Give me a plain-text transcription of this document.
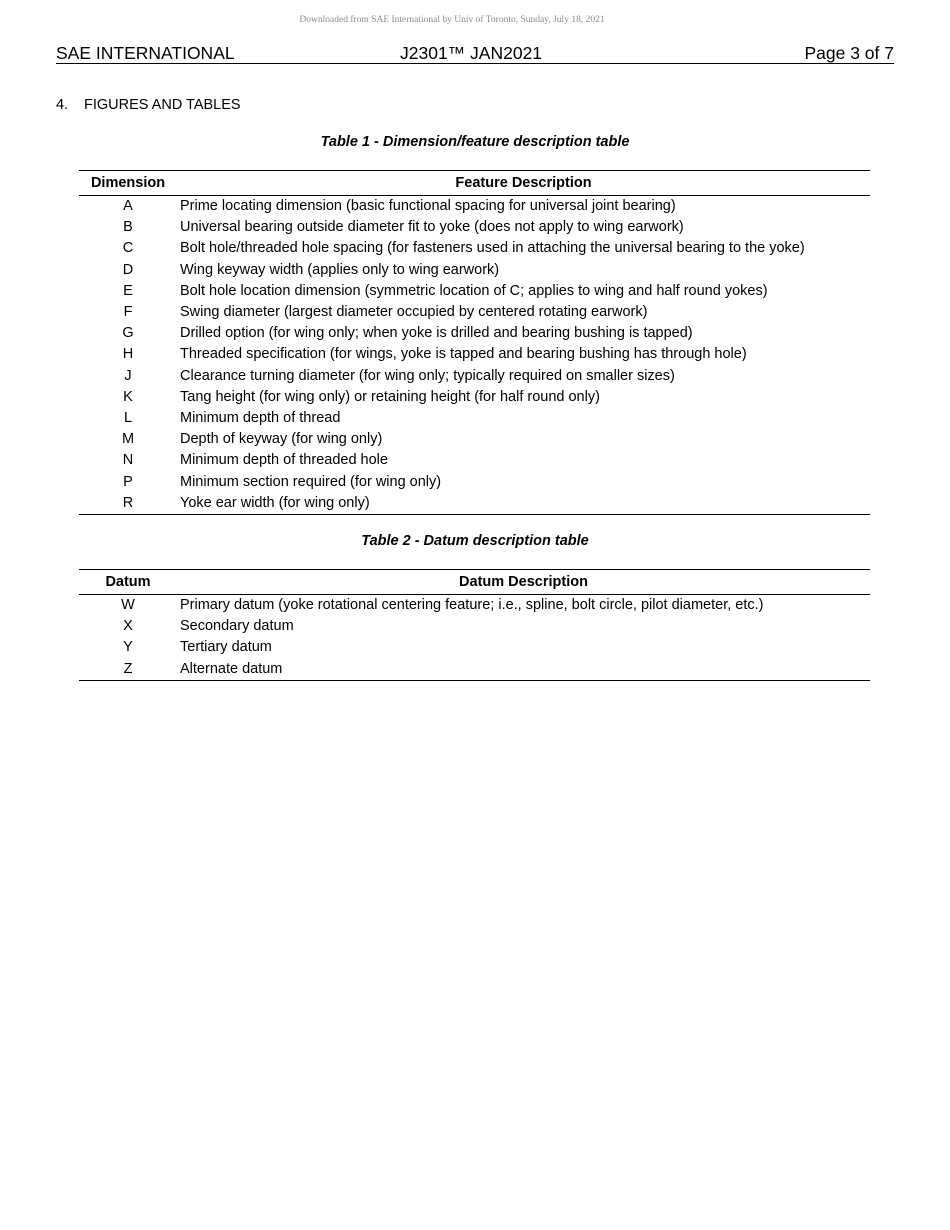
Downloaded from SAE International by Univ of Toronto, Sunday, July 18, 2021
SAE INTERNATIONAL	J2301™ JAN2021	Page 3 of 7
4. FIGURES AND TABLES
Table 1 - Dimension/feature description table
Dimension	Feature Description
A	Prime locating dimension (basic functional spacing for universal joint bearing)
B	Universal bearing outside diameter fit to yoke (does not apply to wing earwork)
C	Bolt hole/threaded hole spacing (for fasteners used in attaching the universal bearing to the yoke)
D	Wing keyway width (applies only to wing earwork)
E	Bolt hole location dimension (symmetric location of C; applies to wing and half round yokes)
F	Swing diameter (largest diameter occupied by centered rotating earwork)
G	Drilled option (for wing only; when yoke is drilled and bearing bushing is tapped)
H	Threaded specification (for wings, yoke is tapped and bearing bushing has through hole)
J	Clearance turning diameter (for wing only; typically required on smaller sizes)
K	Tang height (for wing only) or retaining height (for half round only)
L	Minimum depth of thread
M	Depth of keyway (for wing only)
N	Minimum depth of threaded hole
P	Minimum section required (for wing only)
R	Yoke ear width (for wing only)
Table 2 - Datum description table
Datum	Datum Description
W	Primary datum (yoke rotational centering feature; i.e., spline, bolt circle, pilot diameter, etc.)
X	Secondary datum
Y	Tertiary datum
Z	Alternate datum
